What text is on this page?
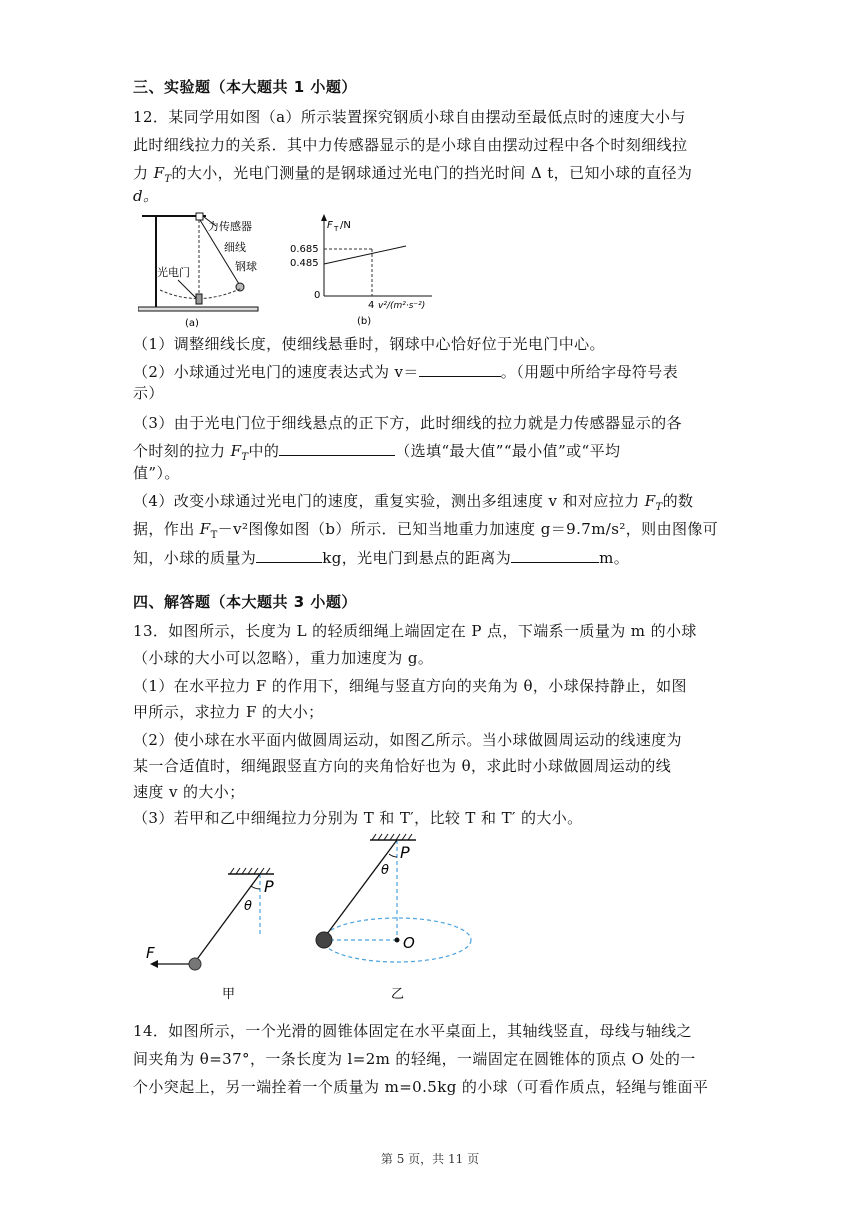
三、实验题（本大题共 1 小题）
12．某同学用如图（a）所示装置探究钢质小球自由摆动至最低点时的速度大小与
此时细线拉力的关系．其中力传感器显示的是小球自由摆动过程中各个时刻细线拉
力 $F_T$的大小，光电门测量的是钢球通过光电门的挡光时间 Δ t，已知小球的直径为
d。
力传感器
细线
钢球
光电门
(a)
F T /N
0.685
0.485
0
4 v²/(m²·s⁻²)
(b)
（1）调整细线长度，使细线悬垂时，钢球中心恰好位于光电门中心。
（2）小球通过光电门的速度表达式为 v＝	。（用题中所给字母符号表
示）
（3）由于光电门位于细线悬点的正下方，此时细线的拉力就是力传感器显示的各
个时刻的拉力 $F_T$中的	（选填“最大值”“最小值”或“平均
值”）。
（4）改变小球通过光电门的速度，重复实验，测出多组速度 v 和对应拉力 $F_T$的数
据，作出 $F_T-v^2$图像如图（b）所示．已知当地重力加速度 g＝9.7m/s²，则由图像可
知，小球的质量为	kg，光电门到悬点的距离为	m。
四、解答题（本大题共 3 小题）
13．如图所示，长度为 L 的轻质细绳上端固定在 P 点，下端系一质量为 m 的小球
（小球的大小可以忽略），重力加速度为 g。
（1）在水平拉力 F 的作用下，细绳与竖直方向的夹角为 θ，小球保持静止，如图
甲所示，求拉力 F 的大小；
（2）使小球在水平面内做圆周运动，如图乙所示。当小球做圆周运动的线速度为
某一合适值时，细绳跟竖直方向的夹角恰好也为 θ，求此时小球做圆周运动的线
速度 v 的大小；
（3）若甲和乙中细绳拉力分别为 T 和 T′，比较 T 和 T′ 的大小。
P
θ
F
甲
P
θ
O
乙
14．如图所示，一个光滑的圆锥体固定在水平桌面上，其轴线竖直，母线与轴线之
间夹角为 θ=37°，一条长度为 l=2m 的轻绳，一端固定在圆锥体的顶点 O 处的一
个小突起上，另一端拴着一个质量为 m=0.5kg 的小球（可看作质点，轻绳与锥面平
第 5 页，共 11 页
